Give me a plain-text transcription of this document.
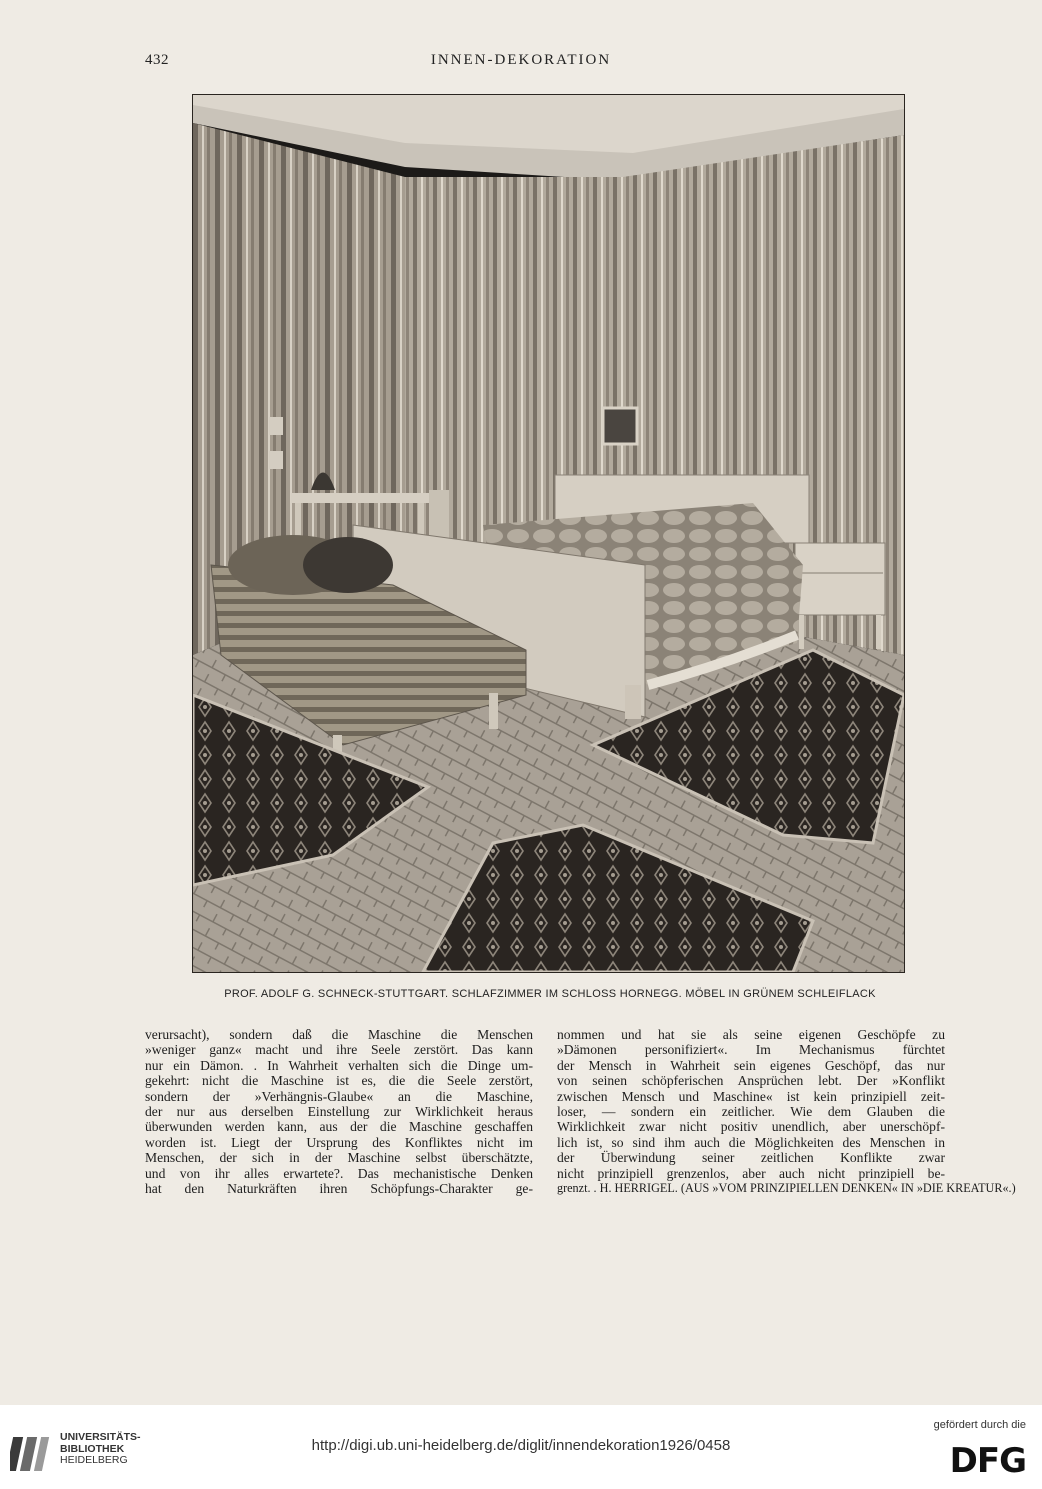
432	INNEN-DEKORATION
PROF. ADOLF G. SCHNECK-STUTTGART. SCHLAFZIMMER IM SCHLOSS HORNEGG. MÖBEL IN GRÜNEM SCHLEIFLACK
verursacht), sondern daß die Maschine die Menschen
»weniger ganz« macht und ihre Seele zerstört. Das kann
nur ein Dämon. . In Wahrheit verhalten sich die Dinge um-
gekehrt: nicht die Maschine ist es, die die Seele zerstört,
sondern der »Verhängnis-Glaube« an die Maschine,
der nur aus derselben Einstellung zur Wirklichkeit heraus
überwunden werden kann, aus der die Maschine geschaffen
worden ist. Liegt der Ursprung des Konfliktes nicht im
Menschen, der sich in der Maschine selbst überschätzte,
und von ihr alles erwartete?. Das mechanistische Denken
hat den Naturkräften ihren Schöpfungs-Charakter ge-
nommen und hat sie als seine eigenen Geschöpfe zu
»Dämonen personifiziert«. Im Mechanismus fürchtet
der Mensch in Wahrheit sein eigenes Geschöpf, das nur
von seinen schöpferischen Ansprüchen lebt. Der »Konflikt
zwischen Mensch und Maschine« ist kein prinzipiell zeit-
loser, — sondern ein zeitlicher. Wie dem Glauben die
Wirklichkeit zwar nicht positiv unendlich, aber unerschöpf-
lich ist, so sind ihm auch die Möglichkeiten des Menschen in
der Überwindung seiner zeitlichen Konflikte zwar
nicht prinzipiell grenzenlos, aber auch nicht prinzipiell be-
grenzt. . H. HERRIGEL. (AUS »VOM PRINZIPIELLEN DENKEN« IN »DIE KREATUR«.)
UNIVERSITÄTS-
BIBLIOTHEK
HEIDELBERG
http://digi.ub.uni-heidelberg.de/diglit/innendekoration1926/0458
gefördert durch die
DFG
